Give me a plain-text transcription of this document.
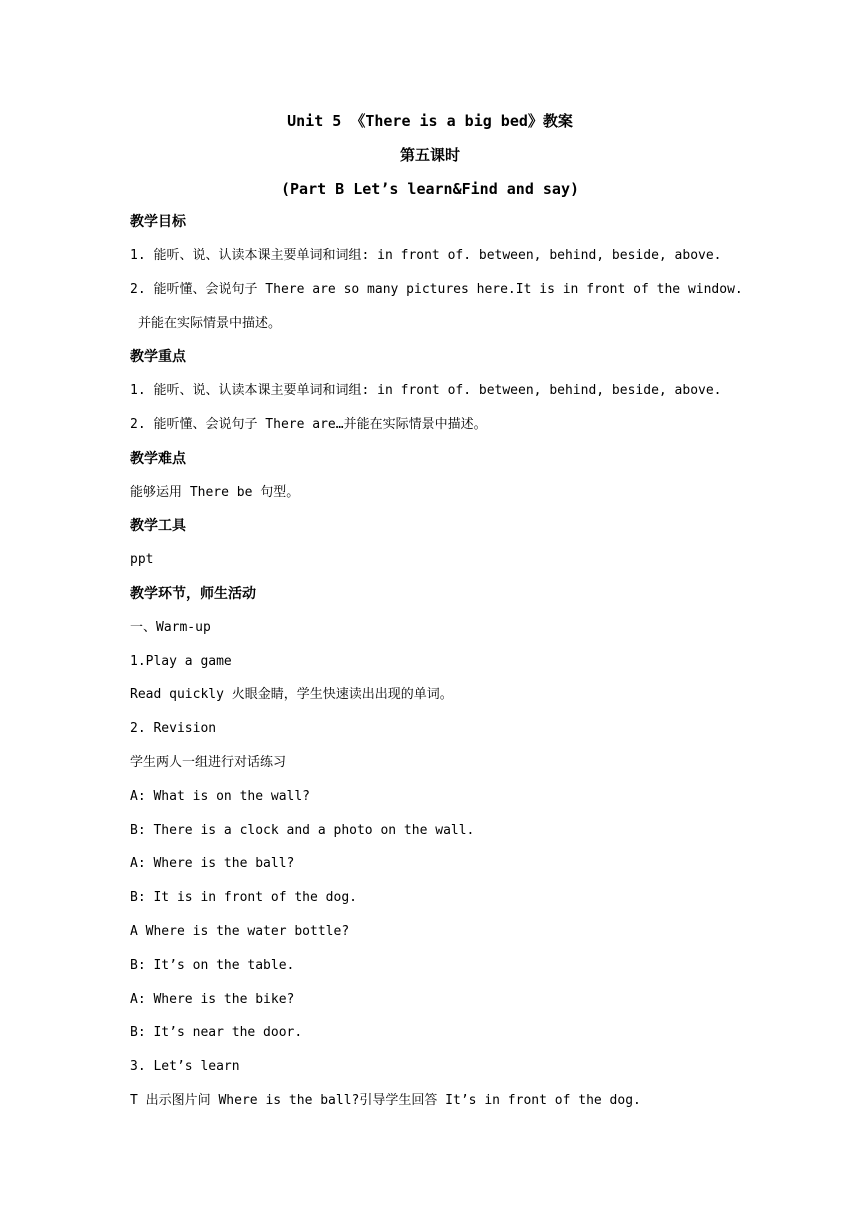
Unit 5 《There is a big bed》教案
第五课时
(Part B Let’s learn&Find and say)
教学目标
1. 能听、说、认读本课主要单词和词组: in front of. between, behind, beside, above.
2. 能听懂、会说句子 There are so many pictures here.It is in front of the window.
并能在实际情景中描述。
教学重点
1. 能听、说、认读本课主要单词和词组: in front of. between, behind, beside, above.
2. 能听懂、会说句子 There are…并能在实际情景中描述。
教学难点
能够运用 There be 句型。
教学工具
ppt
教学环节，师生活动
一、Warm-up
1.Play a game
Read quickly 火眼金睛，学生快速读出出现的单词。
2. Revision
学生两人一组进行对话练习
A: What is on the wall?
B: There is a clock and a photo on the wall.
A: Where is the ball?
B: It is in front of the dog.
A Where is the water bottle?
B: It’s on the table.
A: Where is the bike?
B: It’s near the door.
3. Let’s learn
T 出示图片问 Where is the ball?引导学生回答 It’s in front of the dog.
